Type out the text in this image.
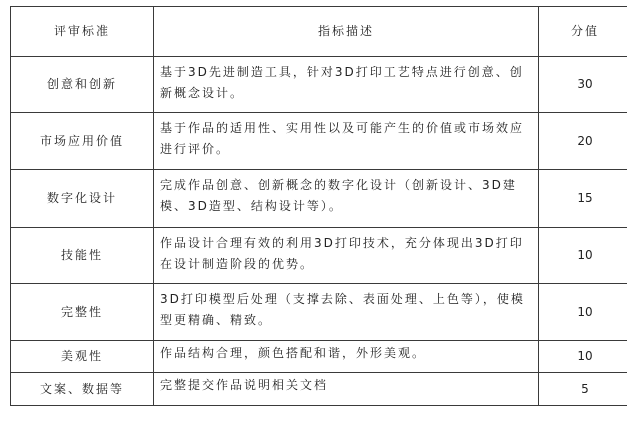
评审标准	指标描述	分值
创意和创新	基于3D先进制造工具，针对3D打印工艺特点进行创意、创新概念设计。	30
市场应用价值	基于作品的适用性、实用性以及可能产生的价值或市场效应进行评价。	20
数字化设计	完成作品创意、创新概念的数字化设计（创新设计、3D建模、3D造型、结构设计等）。	15
技能性	作品设计合理有效的利用3D打印技术，充分体现出3D打印在设计制造阶段的优势。	10
完整性	3D打印模型后处理（支撑去除、表面处理、上色等），使模型更精确、精致。	10
美观性	作品结构合理，颜色搭配和谐，外形美观。	10
文案、数据等	完整提交作品说明相关文档	5
